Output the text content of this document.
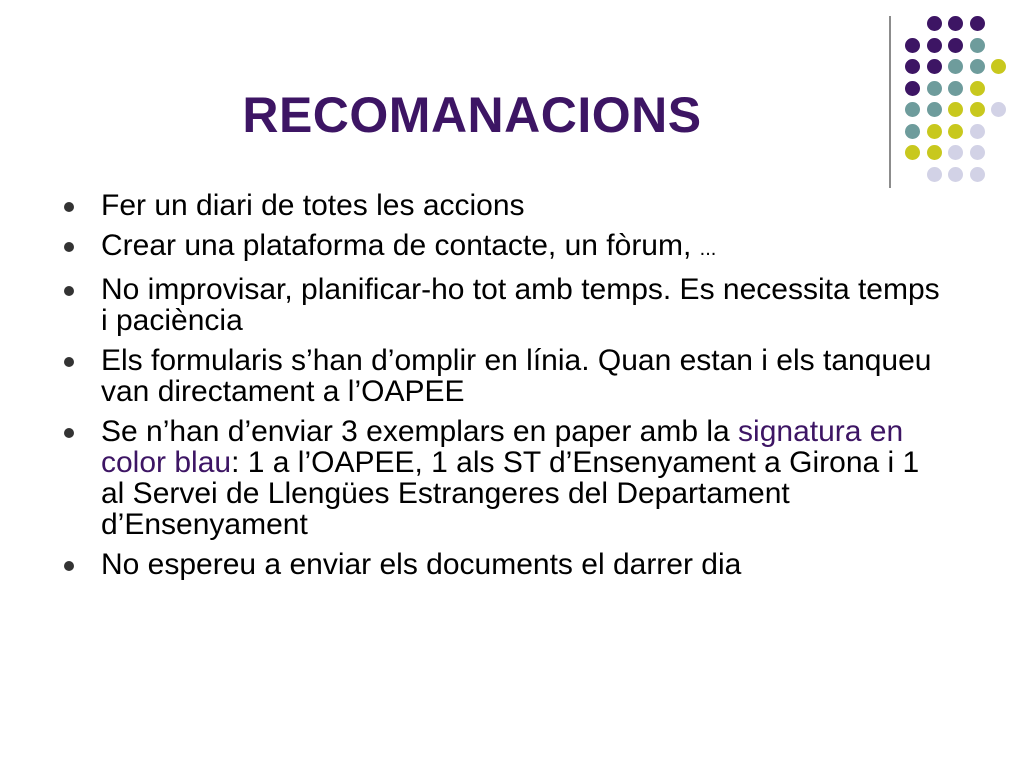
RECOMANACIONS
Fer un diari de totes les accions
Crear una plataforma de contacte, un fòrum, ...
No improvisar, planificar-ho tot amb temps. Es necessita temps i paciència
Els formularis s’han d’omplir en línia. Quan estan i els tanqueu van directament a l’OAPEE
Se n’han d’enviar 3 exemplars en paper amb la signatura en color blau: 1 a l’OAPEE, 1 als ST d’Ensenyament a Girona i 1 al Servei de Llengües Estrangeres del Departament d’Ensenyament
No espereu a enviar els documents el darrer dia
